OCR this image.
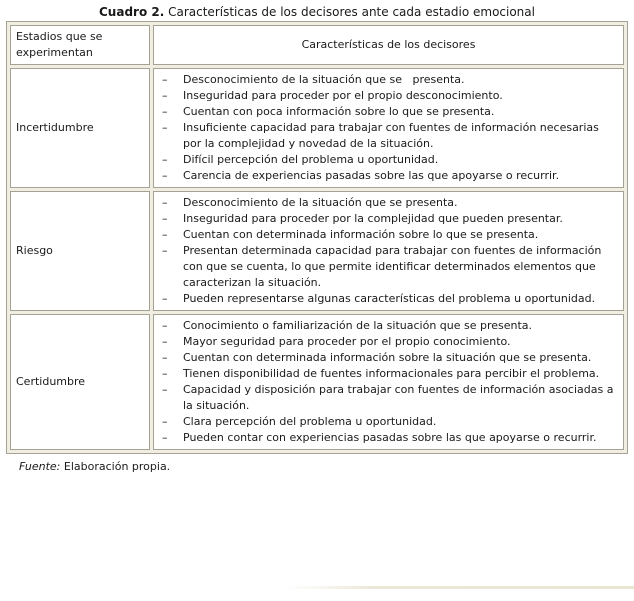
Cuadro 2. Características de los decisores ante cada estadio emocional
Estadios que se experimentan	Características de los decisores
Incertidumbre	
–	Desconocimiento de la situación que se   presenta.
–	Inseguridad para proceder por el propio desconocimiento.
–	Cuentan con poca información sobre lo que se presenta.
–	Insuficiente capacidad para trabajar con fuentes de información necesarias por la complejidad y novedad de la situación.
–	Difícil percepción del problema u oportunidad.
–	Carencia de experiencias pasadas sobre las que apoyarse o recurrir.

Riesgo	
–	Desconocimiento de la situación que se presenta.
–	Inseguridad para proceder por la complejidad que pueden presentar.
–	Cuentan con determinada información sobre lo que se presenta.
–	Presentan determinada capacidad para trabajar con fuentes de información con que se cuenta, lo que permite identificar determinados elementos que caracterizan la situación.
–	Pueden representarse algunas características del problema u oportunidad.

Certidumbre	
–	Conocimiento o familiarización de la situación que se presenta.
–	Mayor seguridad para proceder por el propio conocimiento.
–	Cuentan con determinada información sobre la situación que se presenta.
–	Tienen disponibilidad de fuentes informacionales para percibir el problema.
–	Capacidad y disposición para trabajar con fuentes de información asociadas a la situación.
–	Clara percepción del problema u oportunidad.
–	Pueden contar con experiencias pasadas sobre las que apoyarse o recurrir.
Fuente: Elaboración propia.
